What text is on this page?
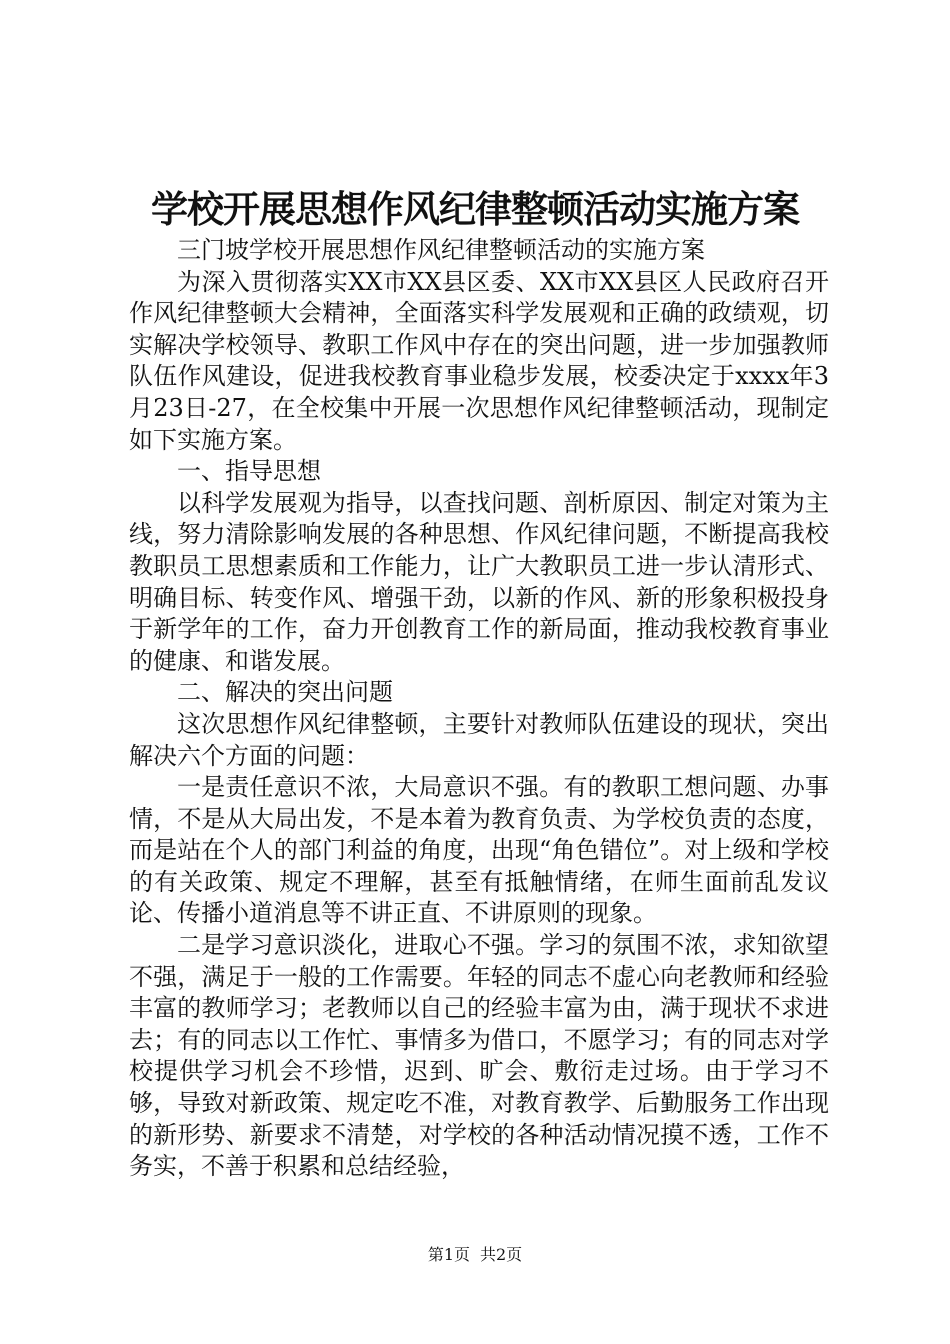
学校开展思想作风纪律整顿活动实施方案

三门坡学校开展思想作风纪律整顿活动的实施方案

为深入贯彻落实XX市XX县区委、XX市XX县区人民政府召开作风纪律整顿大会精神，全面落实科学发展观和正确的政绩观，切实解决学校领导、教职工作风中存在的突出问题，进一步加强教师队伍作风建设，促进我校教育事业稳步发展，校委决定于xxxx年3月23日-27，在全校集中开展一次思想作风纪律整顿活动，现制定如下实施方案。

一、指导思想

以科学发展观为指导，以查找问题、剖析原因、制定对策为主线，努力清除影响发展的各种思想、作风纪律问题，不断提高我校教职员工思想素质和工作能力，让广大教职员工进一步认清形式、明确目标、转变作风、增强干劲，以新的作风、新的形象积极投身于新学年的工作，奋力开创教育工作的新局面，推动我校教育事业的健康、和谐发展。

二、解决的突出问题

这次思想作风纪律整顿，主要针对教师队伍建设的现状，突出解决六个方面的问题：

一是责任意识不浓，大局意识不强。有的教职工想问题、办事情，不是从大局出发，不是本着为教育负责、为学校负责的态度，而是站在个人的部门利益的角度，出现“角色错位”。对上级和学校的有关政策、规定不理解，甚至有抵触情绪，在师生面前乱发议论、传播小道消息等不讲正直、不讲原则的现象。

二是学习意识淡化，进取心不强。学习的氛围不浓，求知欲望不强，满足于一般的工作需要。年轻的同志不虚心向老教师和经验丰富的教师学习；老教师以自己的经验丰富为由，满于现状不求进去；有的同志以工作忙、事情多为借口，不愿学习；有的同志对学校提供学习机会不珍惜，迟到、旷会、敷衍走过场。由于学习不够，导致对新政策、规定吃不准，对教育教学、后勤服务工作出现的新形势、新要求不清楚，对学校的各种活动情况摸不透，工作不务实，不善于积累和总结经验，

第1页 共2页
